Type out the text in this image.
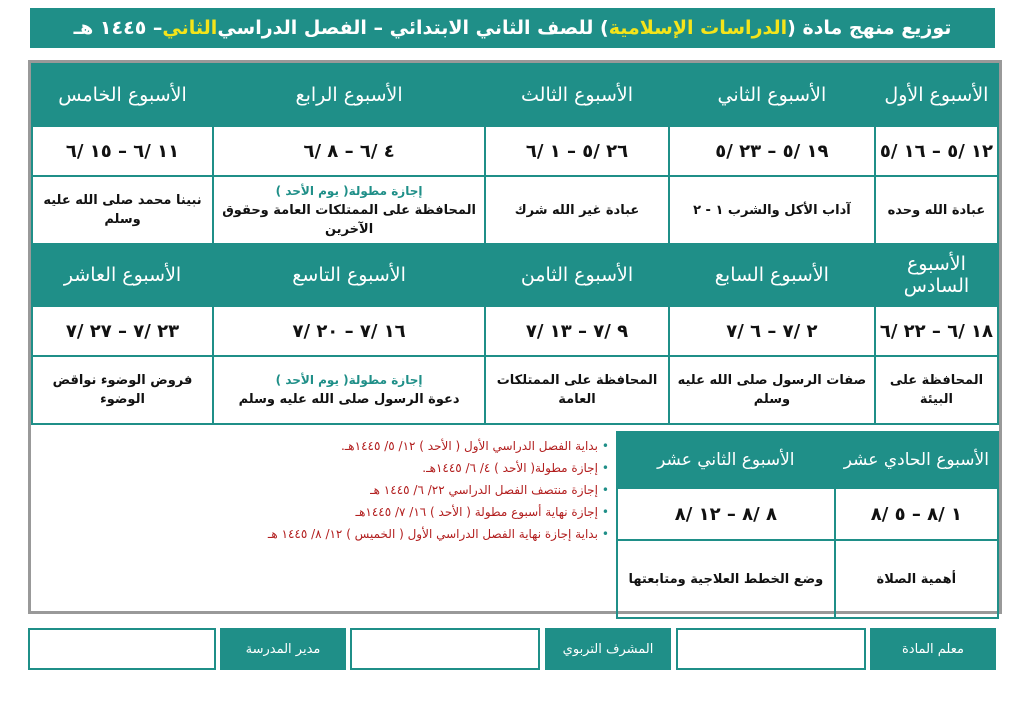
توزيع منهج مادة (
الدراسات الإسلامية
) للصف الثاني الابتدائي – الفصل الدراسي
الثاني
– ١٤٤٥ هـ
الأسبوع الأول	الأسبوع الثاني	الأسبوع الثالث	الأسبوع الرابع	الأسبوع الخامس
١٢ /٥ – ١٦ /٥	١٩ /٥ – ٢٣ /٥	٢٦ /٥ – ١ /٦	٤ /٦ – ٨ /٦	١١ /٦ – ١٥ /٦
عبادة الله وحده	آداب الأكل والشرب ١ - ٢	عبادة غير الله شرك	إجازة مطولة( يوم الأحد )
المحافظة على الممتلكات العامة وحقوق الآخرين	نبينا محمد صلى الله عليه وسلم
الأسبوع السادس	الأسبوع السابع	الأسبوع الثامن	الأسبوع التاسع	الأسبوع العاشر
١٨ /٦ – ٢٢ /٦	٢ /٧ – ٦ /٧	٩ /٧ – ١٣ /٧	١٦ /٧ – ٢٠ /٧	٢٣ /٧ – ٢٧ /٧
المحافظة على البيئة	صفات الرسول صلى الله عليه وسلم	المحافظة على الممتلكات العامة	إجازة مطولة( يوم الأحد )
دعوة الرسول صلى الله عليه وسلم	فروض الوضوء نواقض الوضوء
الأسبوع الحادي عشر	الأسبوع الثاني عشر
١ /٨ – ٥ /٨	٨ /٨ – ١٢ /٨
أهمية الصلاة	وضع الخطط العلاجية ومتابعتها
• بداية الفصل الدراسي الأول ( الأحد ) ١٢/ ٥/ ١٤٤٥هـ.
• إجازة مطولة( الأحد ) ٤/ ٦/ ١٤٤٥هـ.
• إجازة منتصف الفصل الدراسي ٢٢/ ٦/ ١٤٤٥ هـ
• إجازة نهاية أسبوع مطولة ( الأحد ) ١٦/ ٧/ ١٤٤٥هـ
• بداية إجازة نهاية الفصل الدراسي الأول ( الخميس ) ١٢/ ٨/ ١٤٤٥ هـ
معلم المادة
المشرف التربوي
مدير المدرسة
